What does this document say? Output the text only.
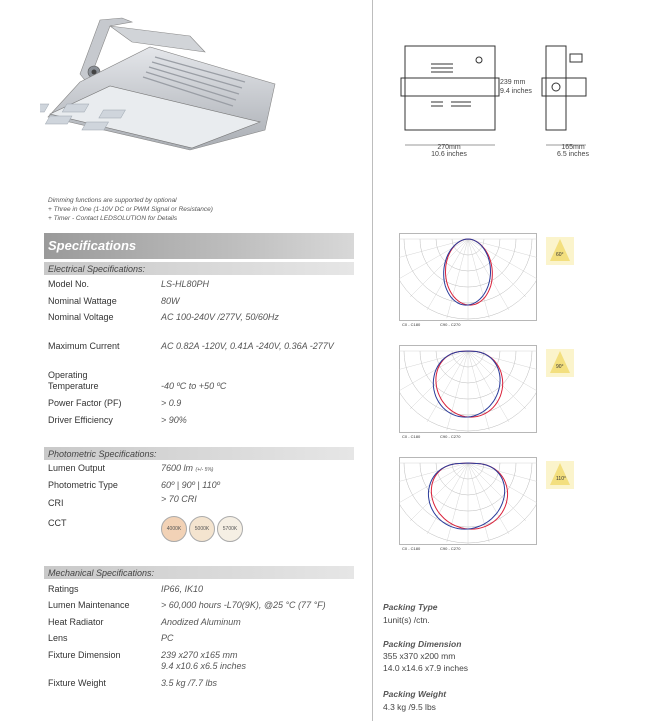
270mm
10.6 inches
239 mm
9.4 inches
165mm
6.5 inches
Dimming functions are supported by optional
+ Three in One (1-10V DC or PWM Signal or Resistance)
+ Timer - Contact LEDSOLUTION for Details
Specifications
Electrical Specifications:
Model No.	LS-HL80PH
Nominal Wattage	80W
Nominal Voltage	AC 100-240V /277V, 50/60Hz
Maximum Current	AC 0.82A -120V, 0.41A -240V, 0.36A -277V
Operating
Temperature	-40 ºC to +50 ºC
Power Factor (PF)	> 0.9
Driver Efficiency	> 90%
Photometric Specifications:
Lumen Output	7600 lm (+/- 5%)
Photometric Type	60º | 90º | 110º
CRI	> 70 CRI
CCT
4000K	5000K	5700K
Mechanical Specifications:
Ratings	IP66, IK10
Lumen Maintenance	> 60,000 hours -L70(9K), @25 °C (77 °F)
Heat Radiator	Anodized Aluminum
Lens	PC
Fixture Dimension	239 x270 x165 mm
9.4 x10.6 x6.5 inches
Fixture Weight	3.5 kg /7.7 lbs
60°
C0 - C180	C90 - C270
90°
C0 - C180	C90 - C270
110°
C0 - C180	C90 - C270
Packing Type
1unit(s) /ctn.
Packing Dimension
355 x370 x200 mm
14.0 x14.6 x7.9 inches
Packing Weight
4.3 kg /9.5 lbs
